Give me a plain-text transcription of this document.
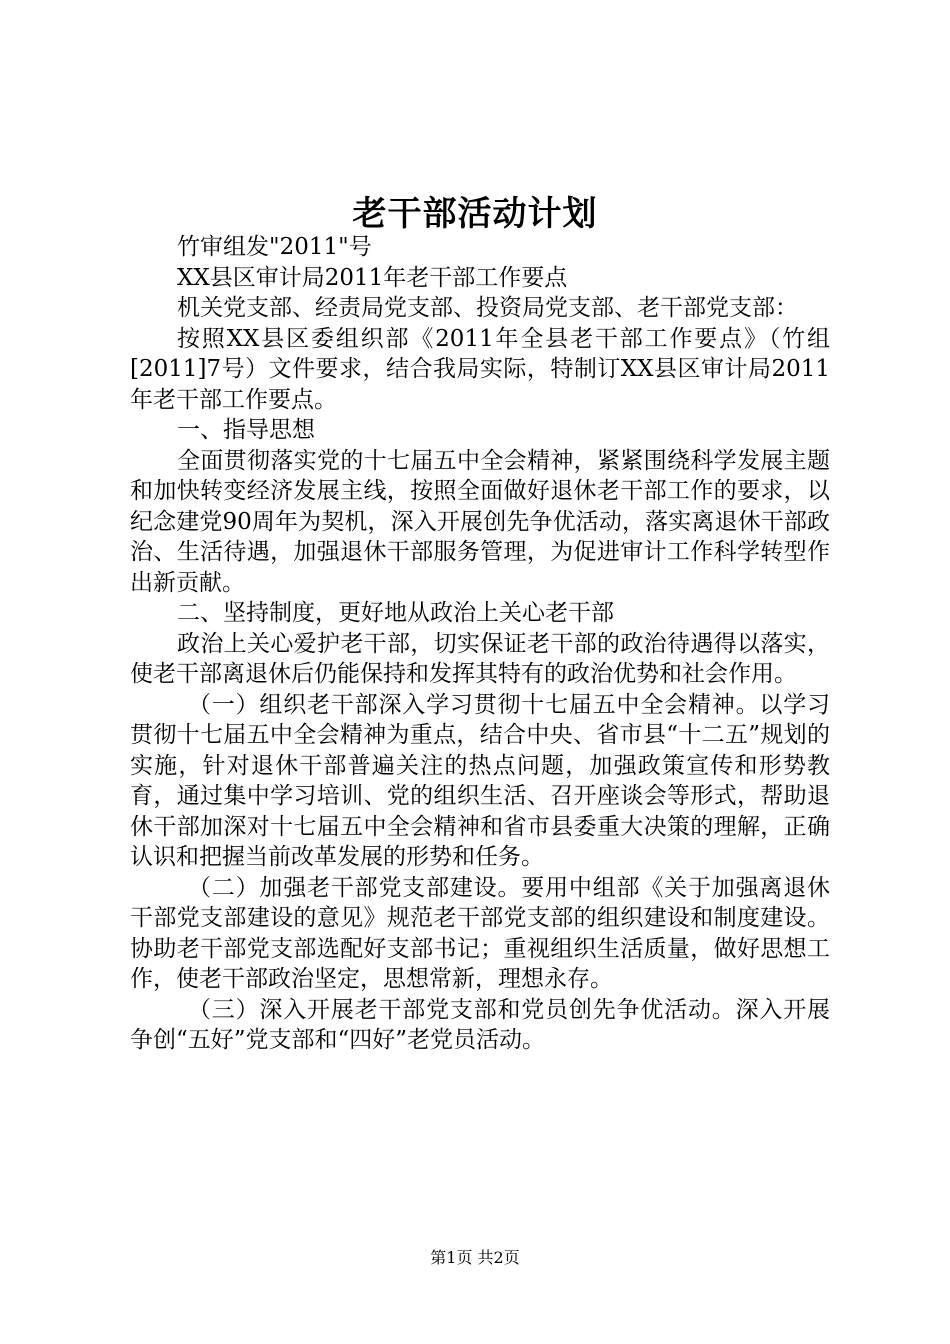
老干部活动计划

竹审组发"2011"号

XX县区审计局2011年老干部工作要点

机关党支部、经责局党支部、投资局党支部、老干部党支部：

按照XX县区委组织部《2011年全县老干部工作要点》（竹组[2011]7号）文件要求，结合我局实际，特制订XX县区审计局2011年老干部工作要点。

一、指导思想

全面贯彻落实党的十七届五中全会精神，紧紧围绕科学发展主题和加快转变经济发展主线，按照全面做好退休老干部工作的要求，以纪念建党90周年为契机，深入开展创先争优活动，落实离退休干部政治、生活待遇，加强退休干部服务管理，为促进审计工作科学转型作出新贡献。

二、坚持制度，更好地从政治上关心老干部

政治上关心爱护老干部，切实保证老干部的政治待遇得以落实，使老干部离退休后仍能保持和发挥其特有的政治优势和社会作用。

（一）组织老干部深入学习贯彻十七届五中全会精神。以学习贯彻十七届五中全会精神为重点，结合中央、省市县“十二五”规划的实施，针对退休干部普遍关注的热点问题，加强政策宣传和形势教育，通过集中学习培训、党的组织生活、召开座谈会等形式，帮助退休干部加深对十七届五中全会精神和省市县委重大决策的理解，正确认识和把握当前改革发展的形势和任务。

（二）加强老干部党支部建设。要用中组部《关于加强离退休干部党支部建设的意见》规范老干部党支部的组织建设和制度建设。协助老干部党支部选配好支部书记；重视组织生活质量，做好思想工作，使老干部政治坚定，思想常新，理想永存。

（三）深入开展老干部党支部和党员创先争优活动。深入开展争创“五好”党支部和“四好”老党员活动。

第1页 共2页
